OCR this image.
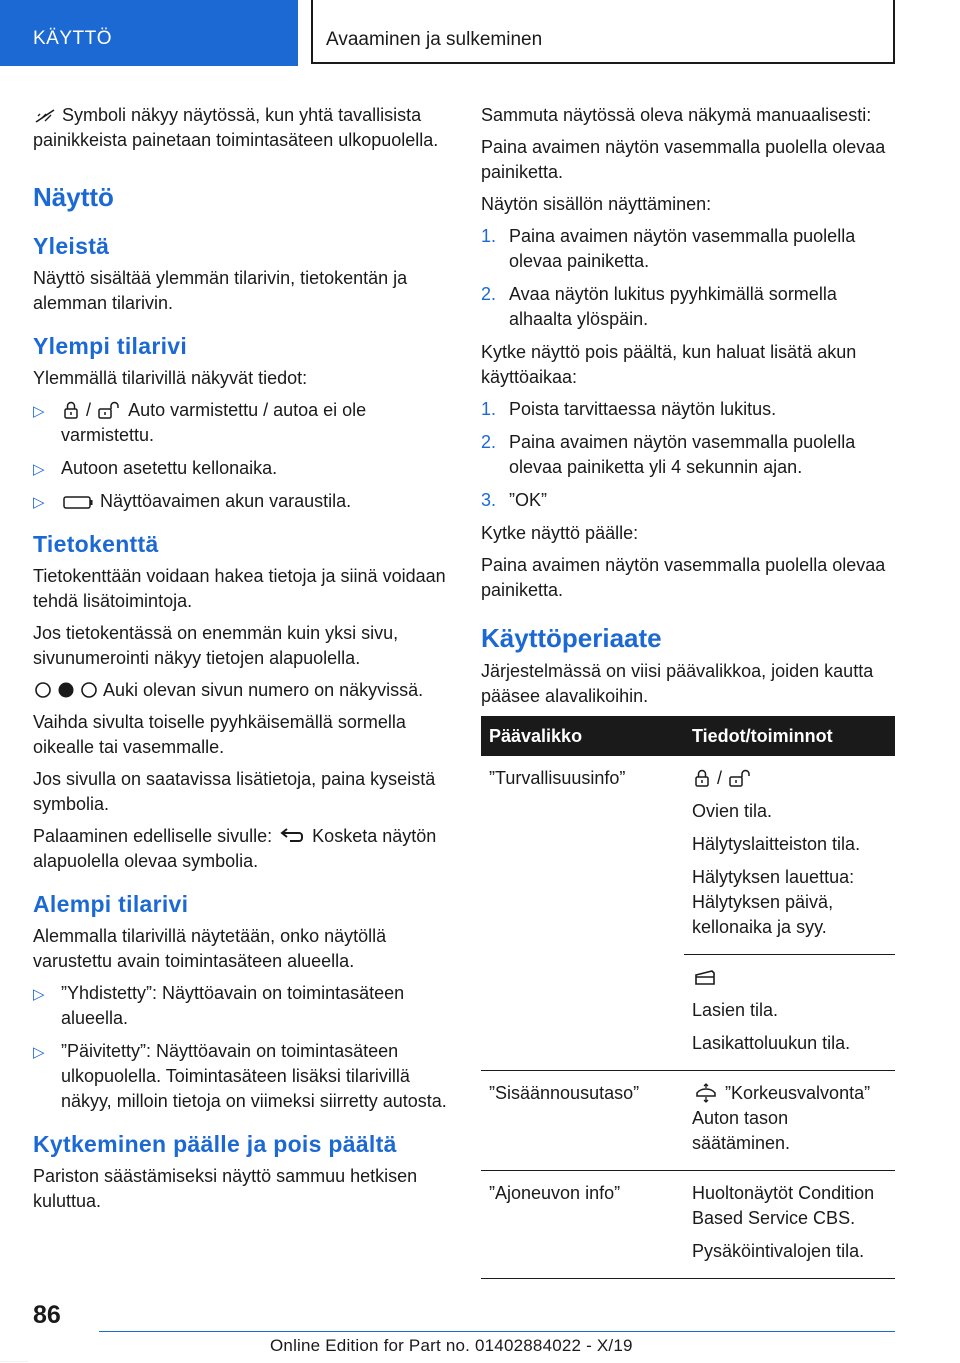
KÄYTTÖ	Avaaminen ja sulkeminen

Symboli näkyy näytössä, kun yhtä tavallisista painikkeista painetaan toimintasäteen ulkopuolella.

Näyttö
Yleistä

Näyttö sisältää ylemmän tilarivin, tietokentän ja alemman tilarivin.

Ylempi tilarivi

Ylemmällä tilarivillä näkyvät tiedot:

▷ / Auto varmistettu / autoa ei ole varmistettu.
▷ Autoon asetettu kellonaika.
▷	Näyttöavaimen akun varaustila.
Tietokenttä

Tietokenttään voidaan hakea tietoja ja siinä voidaan tehdä lisätoimintoja.

Jos tietokentässä on enemmän kuin yksi sivu, sivunumerointi näkyy tietojen alapuolella.

Auki olevan sivun numero on näkyvissä.

Vaihda sivulta toiselle pyyhkäisemällä sormella oikealle tai vasemmalle.

Jos sivulla on saatavissa lisätietoja, paina kyseistä symbolia.

Palaaminen edelliselle sivulle: Kosketa näytön alapuolella olevaa symbolia.

Alempi tilarivi

Alemmalla tilarivillä näytetään, onko näytöllä varustettu avain toimintasäteen alueella.

▷ ”Yhdistetty”: Näyttöavain on toimintasäteen alueella.
▷ ”Päivitetty”: Näyttöavain on toimintasäteen ulkopuolella. Toimintasäteen lisäksi tilarivillä näkyy, milloin tietoja on viimeksi siirretty autosta.
Kytkeminen päälle ja pois päältä

Pariston säästämiseksi näyttö sammuu hetkisen kuluttua.

Sammuta näytössä oleva näkymä manuaalisesti:

Paina avaimen näytön vasemmalla puolella olevaa painiketta.

Näytön sisällön näyttäminen:

1. Paina avaimen näytön vasemmalla puolella olevaa painiketta.
2. Avaa näytön lukitus pyyhkimällä sormella alhaalta ylöspäin.

Kytke näyttö pois päältä, kun haluat lisätä akun käyttöaikaa:

1. Poista tarvittaessa näytön lukitus.
2. Paina avaimen näytön vasemmalla puolella olevaa painiketta yli 4 sekunnin ajan.
3. ”OK”

Kytke näyttö päälle:

Paina avaimen näytön vasemmalla puolella olevaa painiketta.

Käyttöperiaate

Järjestelmässä on viisi päävalikkoa, joiden kautta pääsee alavalikoihin.

Päävalikko	Tiedot/toiminnot
”Turvallisuusinfo”	/

Ovien tila.

Hälytyslaitteiston tila.

Hälytyksen lauettua: Hälytyksen päivä, kellonaika ja syy.

	Lasien tila.

Lasikattoluukun tila.

”Sisäännousutaso”	”Korkeusvalvonta” Auton tason säätäminen.

”Ajoneuvon info”	Huoltonäytöt Condition Based Service CBS.

Pysäköintivalojen tila.

86
Online Edition for Part no. 01402884022 - X/19
